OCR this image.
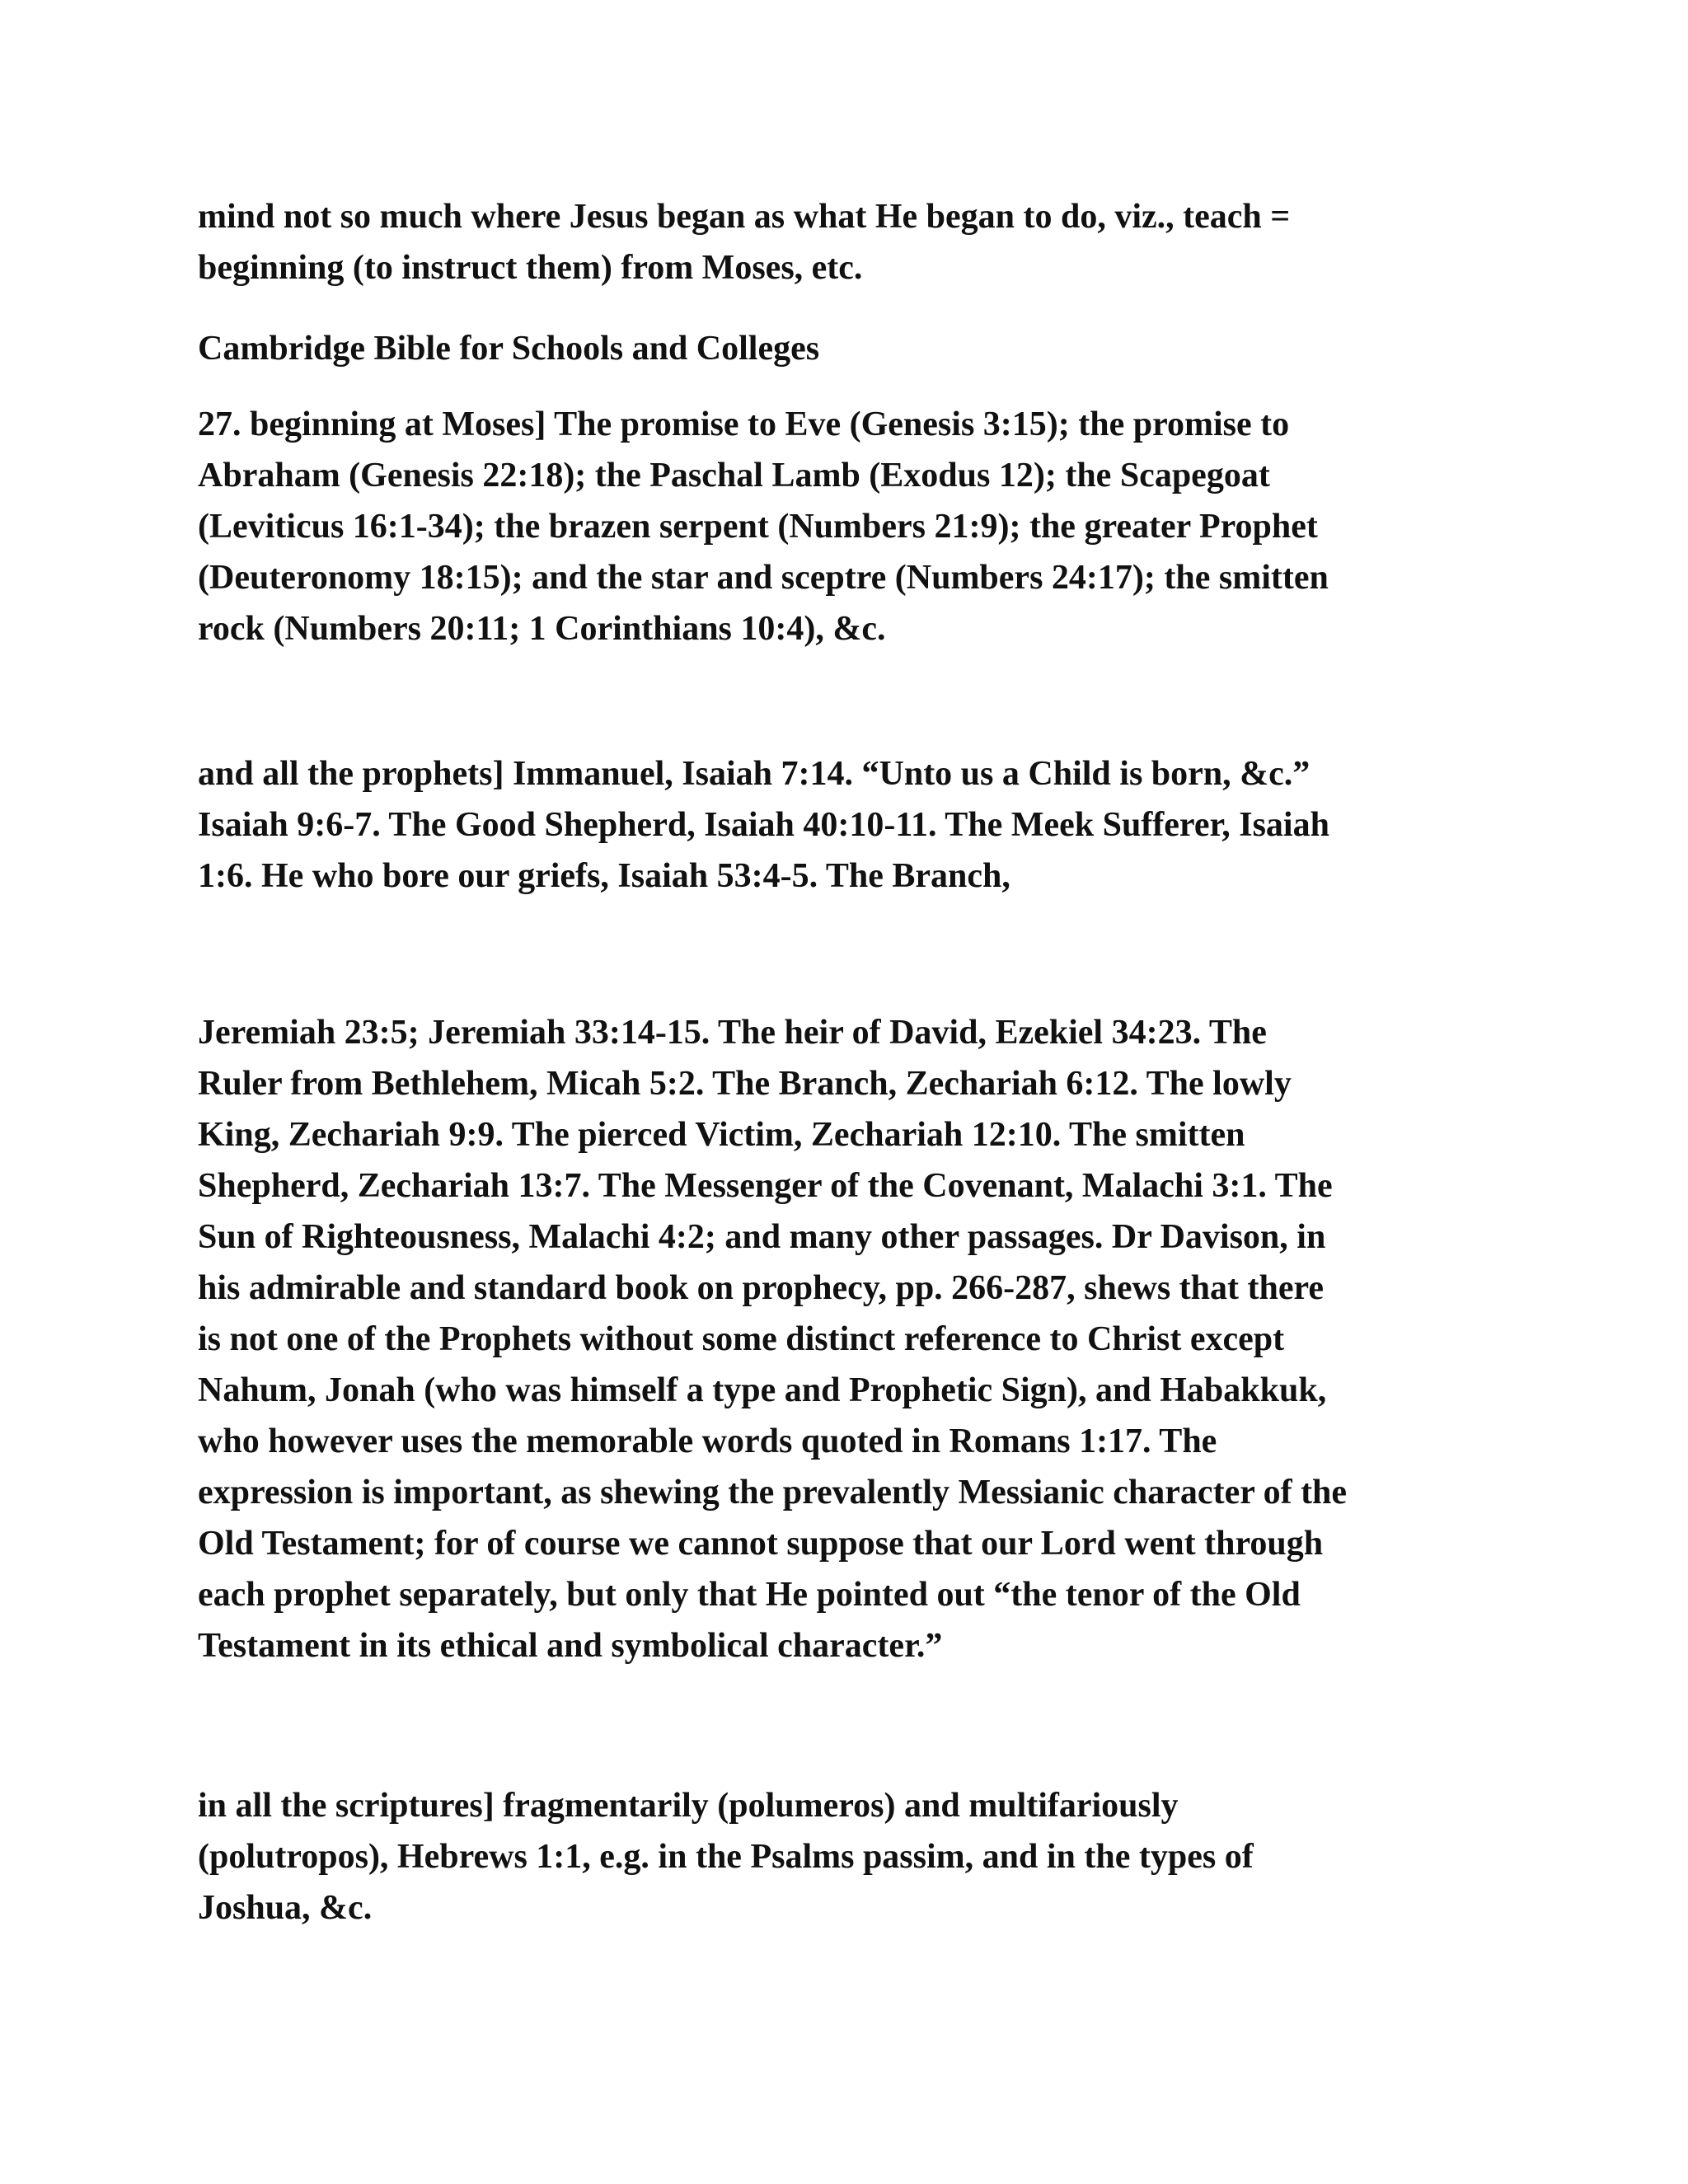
mind not so much where Jesus began as what He began to do, viz., teach =
beginning (to instruct them) from Moses, etc.

Cambridge Bible for Schools and Colleges

27. beginning at Moses] The promise to Eve (Genesis 3:15); the promise to
Abraham (Genesis 22:18); the Paschal Lamb (Exodus 12); the Scapegoat
(Leviticus 16:1-34); the brazen serpent (Numbers 21:9); the greater Prophet
(Deuteronomy 18:15); and the star and sceptre (Numbers 24:17); the smitten
rock (Numbers 20:11; 1 Corinthians 10:4), &c.

and all the prophets] Immanuel, Isaiah 7:14. “Unto us a Child is born, &c.”
Isaiah 9:6-7. The Good Shepherd, Isaiah 40:10-11. The Meek Sufferer, Isaiah
1:6. He who bore our griefs, Isaiah 53:4-5. The Branch,

Jeremiah 23:5; Jeremiah 33:14-15. The heir of David, Ezekiel 34:23. The
Ruler from Bethlehem, Micah 5:2. The Branch, Zechariah 6:12. The lowly
King, Zechariah 9:9. The pierced Victim, Zechariah 12:10. The smitten
Shepherd, Zechariah 13:7. The Messenger of the Covenant, Malachi 3:1. The
Sun of Righteousness, Malachi 4:2; and many other passages. Dr Davison, in
his admirable and standard book on prophecy, pp. 266-287, shews that there
is not one of the Prophets without some distinct reference to Christ except
Nahum, Jonah (who was himself a type and Prophetic Sign), and Habakkuk,
who however uses the memorable words quoted in Romans 1:17. The
expression is important, as shewing the prevalently Messianic character of the
Old Testament; for of course we cannot suppose that our Lord went through
each prophet separately, but only that He pointed out “the tenor of the Old
Testament in its ethical and symbolical character.”

in all the scriptures] fragmentarily (polumeros) and multifariously
(polutropos), Hebrews 1:1, e.g. in the Psalms passim, and in the types of
Joshua, &c.
